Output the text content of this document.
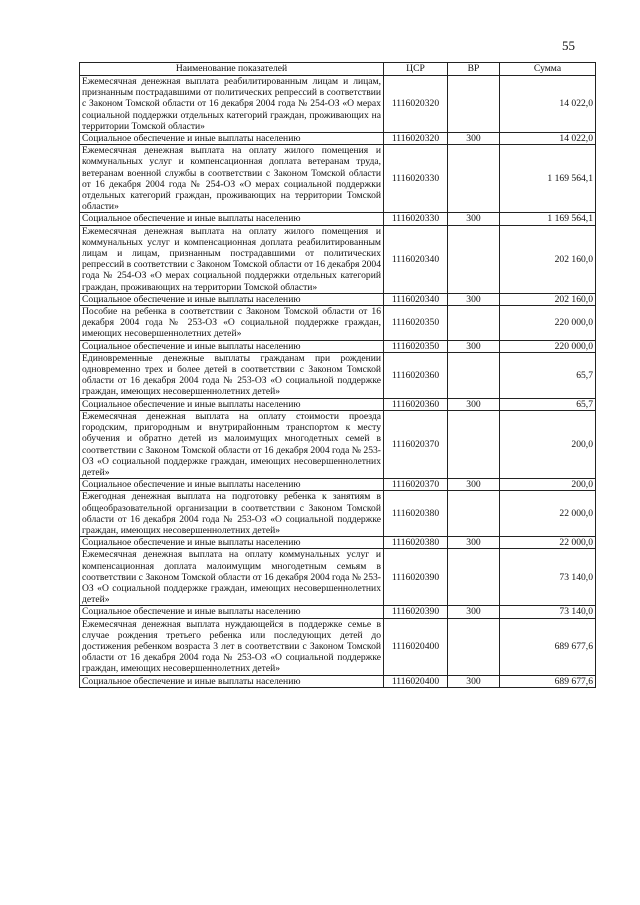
55
Наименование показателей	ЦСР	ВР	Сумма
Ежемесячная денежная выплата реабилитированным лицам и лицам, признанным пострадавшими от политических репрессий в соответствии с Законом Томской области от 16 декабря 2004 года № 254-ОЗ «О мерах социальной поддержки отдельных категорий граждан, проживающих на территории Томской области»	1116020320		14 022,0
Социальное обеспечение и иные выплаты населению	1116020320	300	14 022,0
Ежемесячная денежная выплата на оплату жилого помещения и коммунальных услуг и компенсационная доплата ветеранам труда, ветеранам военной службы в соответствии с Законом Томской области от 16 декабря 2004 года № 254-ОЗ «О мерах социальной поддержки отдельных категорий граждан, проживающих на территории Томской области»	1116020330		1 169 564,1
Социальное обеспечение и иные выплаты населению	1116020330	300	1 169 564,1
Ежемесячная денежная выплата на оплату жилого помещения и коммунальных услуг и компенсационная доплата реабилитированным лицам и лицам, признанным пострадавшими от политических репрессий в соответствии с Законом Томской области от 16 декабря 2004 года № 254-ОЗ «О мерах социальной поддержки отдельных категорий граждан, проживающих на территории Томской области»	1116020340		202 160,0
Социальное обеспечение и иные выплаты населению	1116020340	300	202 160,0
Пособие на ребенка в соответствии с Законом Томской области от 16 декабря 2004 года № 253-ОЗ «О социальной поддержке граждан, имеющих несовершеннолетних детей»	1116020350		220 000,0
Социальное обеспечение и иные выплаты населению	1116020350	300	220 000,0
Единовременные денежные выплаты гражданам при рождении одновременно трех и более детей в соответствии с Законом Томской области от 16 декабря 2004 года № 253-ОЗ «О социальной поддержке граждан, имеющих несовершеннолетних детей»	1116020360		65,7
Социальное обеспечение и иные выплаты населению	1116020360	300	65,7
Ежемесячная денежная выплата на оплату стоимости проезда городским, пригородным и внутрирайонным транспортом к месту обучения и обратно детей из малоимущих многодетных семей в соответствии с Законом Томской области от 16 декабря 2004 года № 253-ОЗ «О социальной поддержке граждан, имеющих несовершеннолетних детей»	1116020370		200,0
Социальное обеспечение и иные выплаты населению	1116020370	300	200,0
Ежегодная денежная выплата на подготовку ребенка к занятиям в общеобразовательной организации в соответствии с Законом Томской области от 16 декабря 2004 года № 253-ОЗ «О социальной поддержке граждан, имеющих несовершеннолетних детей»	1116020380		22 000,0
Социальное обеспечение и иные выплаты населению	1116020380	300	22 000,0
Ежемесячная денежная выплата на оплату коммунальных услуг и компенсационная доплата малоимущим многодетным семьям в соответствии с Законом Томской области от 16 декабря 2004 года № 253-ОЗ «О социальной поддержке граждан, имеющих несовершеннолетних детей»	1116020390		73 140,0
Социальное обеспечение и иные выплаты населению	1116020390	300	73 140,0
Ежемесячная денежная выплата нуждающейся в поддержке семье в случае рождения третьего ребенка или последующих детей до достижения ребенком возраста 3 лет в соответствии с Законом Томской области от 16 декабря 2004 года № 253-ОЗ «О социальной поддержке граждан, имеющих несовершеннолетних детей»	1116020400		689 677,6
Социальное обеспечение и иные выплаты населению	1116020400	300	689 677,6
